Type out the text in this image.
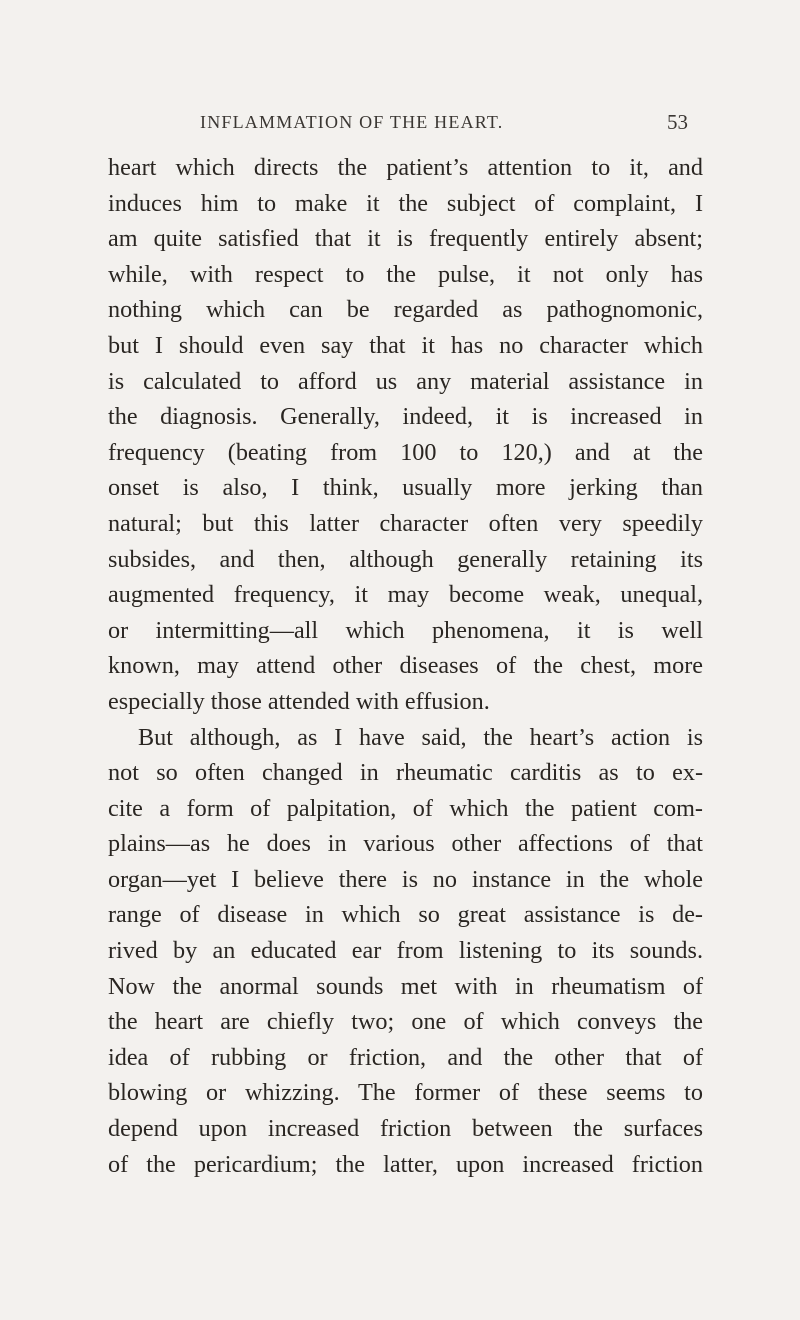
INFLAMMATION OF THE HEART.	53
heart which directs the patient’s attention to it, and
induces him to make it the subject of complaint, I
am quite satisfied that it is frequently entirely absent;
while, with respect to the pulse, it not only has
nothing which can be regarded as pathognomonic,
but I should even say that it has no character which
is calculated to afford us any material assistance in
the diagnosis. Generally, indeed, it is increased in
frequency (beating from 100 to 120,) and at the
onset is also, I think, usually more jerking than
natural; but this latter character often very speedily
subsides, and then, although generally retaining its
augmented frequency, it may become weak, unequal,
or intermitting—all which phenomena, it is well
known, may attend other diseases of the chest, more
especially those attended with effusion.
But although, as I have said, the heart’s action is
not so often changed in rheumatic carditis as to ex-
cite a form of palpitation, of which the patient com-
plains—as he does in various other affections of that
organ—yet I believe there is no instance in the whole
range of disease in which so great assistance is de-
rived by an educated ear from listening to its sounds.
Now the anormal sounds met with in rheumatism of
the heart are chiefly two; one of which conveys the
idea of rubbing or friction, and the other that of
blowing or whizzing. The former of these seems to
depend upon increased friction between the surfaces
of the pericardium; the latter, upon increased friction
